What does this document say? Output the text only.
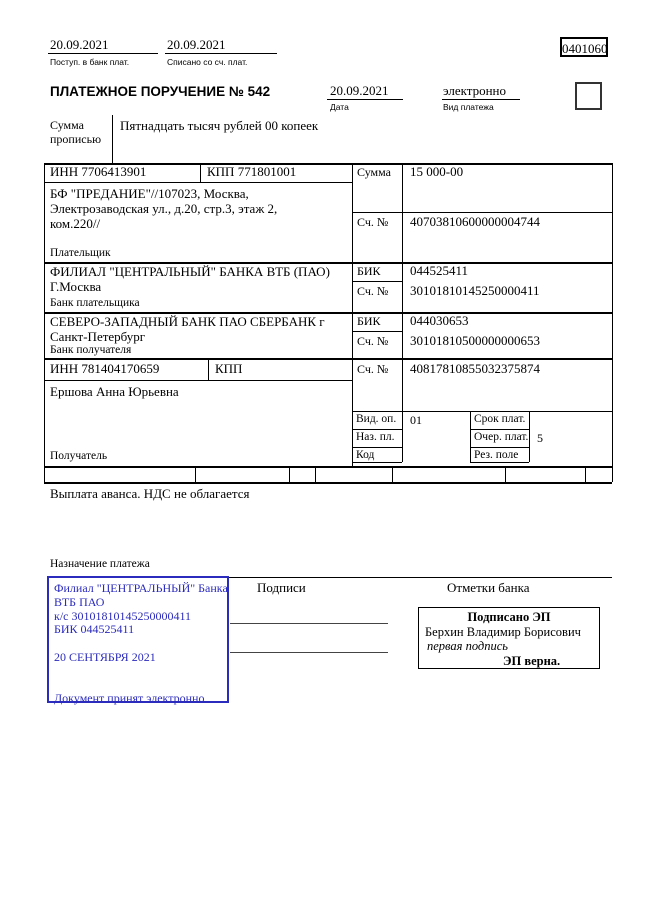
20.09.2021
Поступ. в банк плат.
20.09.2021
Списано со сч. плат.
0401060
ПЛАТЕЖНОЕ ПОРУЧЕНИЕ № 542	20.09.2021
Дата
электронно
Вид платежа
Сумма прописью
Пятнадцать тысяч рублей 00 копеек
ИНН 7706413901	КПП 771801001	Сумма 15 000-00
БФ "ПРЕДАНИЕ"//107023, Москва, Электрозаводская ул., д.20, стр.3, этаж 2, ком.220//
Плательщик
Сч. № 40703810600000004744
ФИЛИАЛ "ЦЕНТРАЛЬНЫЙ" БАНКА ВТБ (ПАО) Г.Москва
Банк плательщика
БИК 044525411
Сч. № 30101810145250000411
СЕВЕРО-ЗАПАДНЫЙ БАНК ПАО СБЕРБАНК г Санкт-Петербург
Банк получателя
БИК 044030653
Сч. № 30101810500000000653
ИНН 781404170659	КПП	Сч. № 40817810855032375874
Ершова Анна Юрьевна
Получатель
Вид. оп. 01	Срок плат.
Наз. пл.	Очер. плат. 5
Код	Рез. поле
Выплата аванса. НДС не облагается
Назначение платежа
Подписи	Отметки банка
Филиал "ЦЕНТРАЛЬНЫЙ" Банка
ВТБ ПАО
к/с 30101810145250000411
БИК 044525411
20 СЕНТЯБРЯ 2021
Документ принят электронно
Подписано ЭП
Берхин Владимир Борисович
первая подпись
ЭП верна.
